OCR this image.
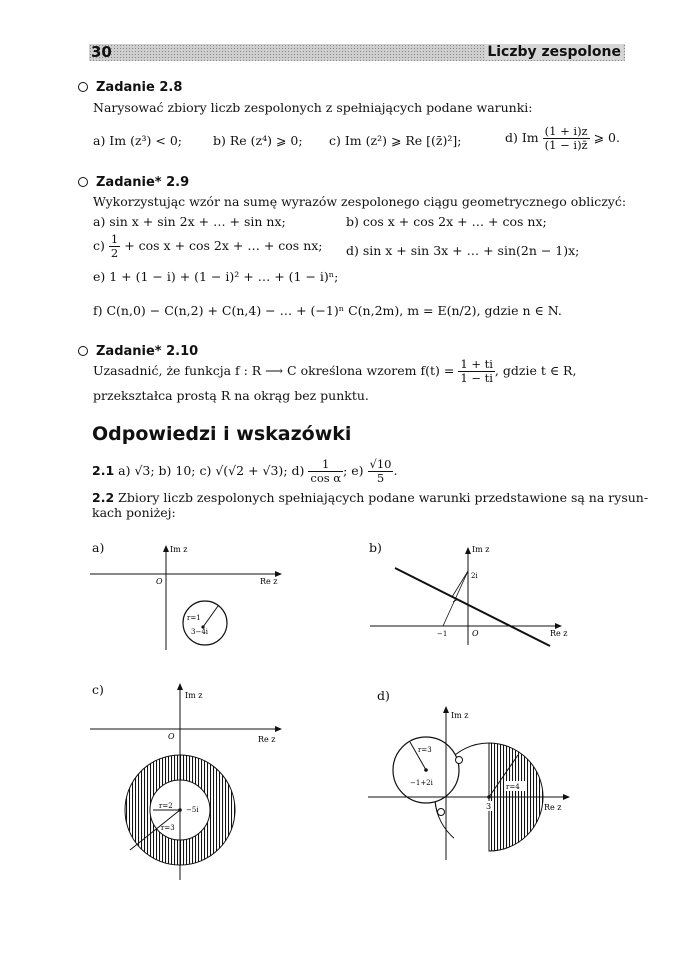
30	Liczby zespolone
Zadanie 2.8
Narysować zbiory liczb zespolonych z spełniających podane warunki:
a) Im (z³) < 0; b) Re (z⁴) ⩾ 0; c) Im (z²) ⩾ Re [(z̄)²];	d) Im $\frac{(1 + i)z}{(1 - i)z̄}$ ⩾ 0.
Zadanie* 2.9
Wykorzystując wzór na sumę wyrazów zespolonego ciągu geometrycznego obliczyć:
a) sin x + sin 2x + … + sin nx;	b) cos x + cos 2x + … + cos nx;
$c) \frac{1}{2} + \cos x + \cos 2x$ + … + cos nx; d) sin x + sin 3x + … + sin(2n − 1)x;
e) 1 + (1 − i) + (1 − i)² + … + (1 − i)ⁿ;
f) C(n,0) − C(n,2) + C(n,4) − … + (−1)ⁿ C(n,2m), m = E(n/2), gdzie n ∈ N.
Zadanie* 2.10
Uzasadnić, że funkcja f : R ⟶ C określona wzorem $f(t) = \frac{1 + ti}{1 - ti}$ , gdzie t ∈ R,
przekształca prostą R na okrąg bez punktu.
Odpowiedzi i wskazówki
2.1 a) √3; b) 10; c) √(√2 + √3); $d) \frac{1}{\text{cos α}}$ ; $e) \frac{√10}{5}$ .
2.2 Zbiory liczb zespolonych spełniających podane warunki przedstawione są na rysun-
kach poniżej:
a)	Im z
Re z
O
r=1
3−4i
b)	Im z
Re z
O
2i
−1
c)	Im z
Re z
O
−5i
r=2
r=3
d)
Im z
Re z
r=3
−1+2i	r=4
3
